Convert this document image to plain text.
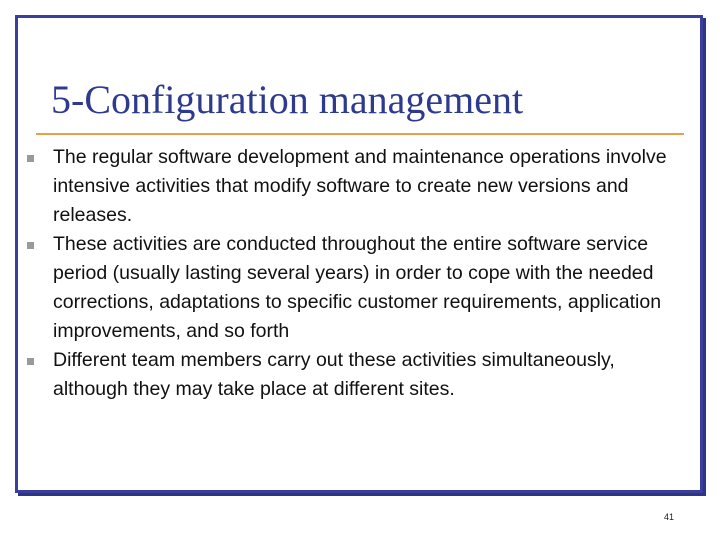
5-Configuration management
The regular software development and maintenance operations involve intensive activities that modify software to create new versions and releases.
These activities are conducted throughout the entire software service period (usually lasting several years) in order to cope with the needed corrections, adaptations to specific customer requirements, application improvements, and so forth
Different team members carry out these activities simultaneously, although they may take place at different sites.
41
